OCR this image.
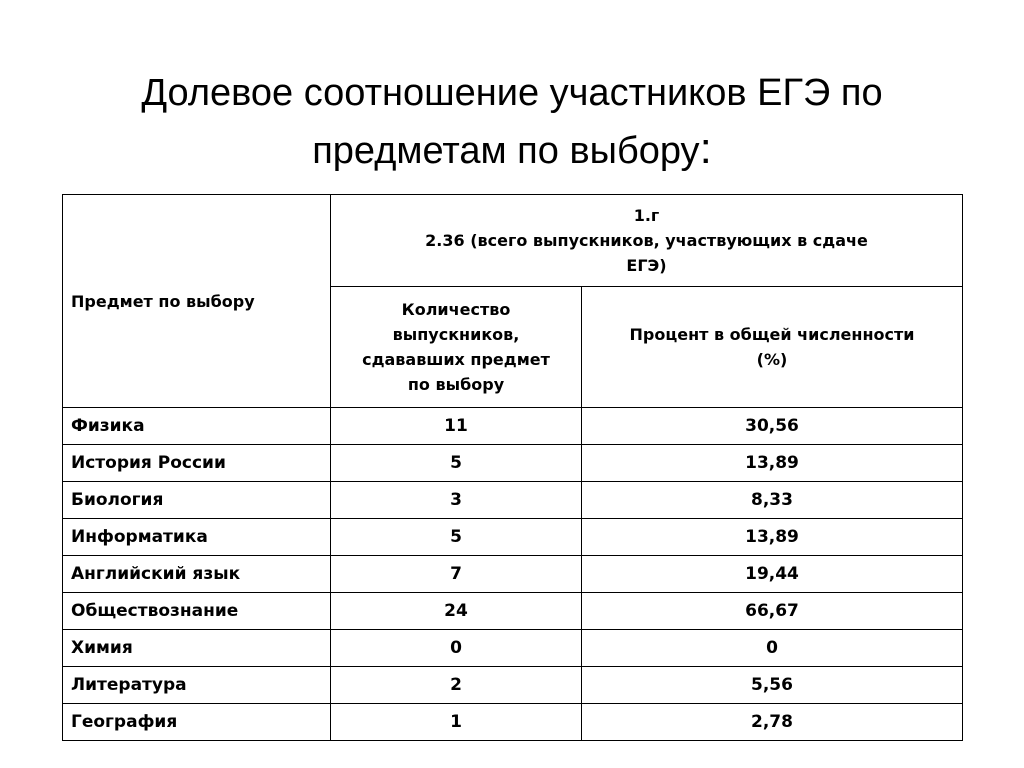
Долевое соотношение участников ЕГЭ по
предметам по выбору:
Предмет по выбору	1.г
2.36 (всего выпускников, участвующих в сдаче
ЕГЭ)	

	Количество
выпускников,
сдававших предмет
по выбору	Процент в общей численности
(%)

Физика	11	30,56
История России	5	13,89
Биология	3	8,33
Информатика	5	13,89
Английский язык	7	19,44
Обществознание	24	66,67
Химия	0	0
Литература	2	5,56
География	1	2,78
